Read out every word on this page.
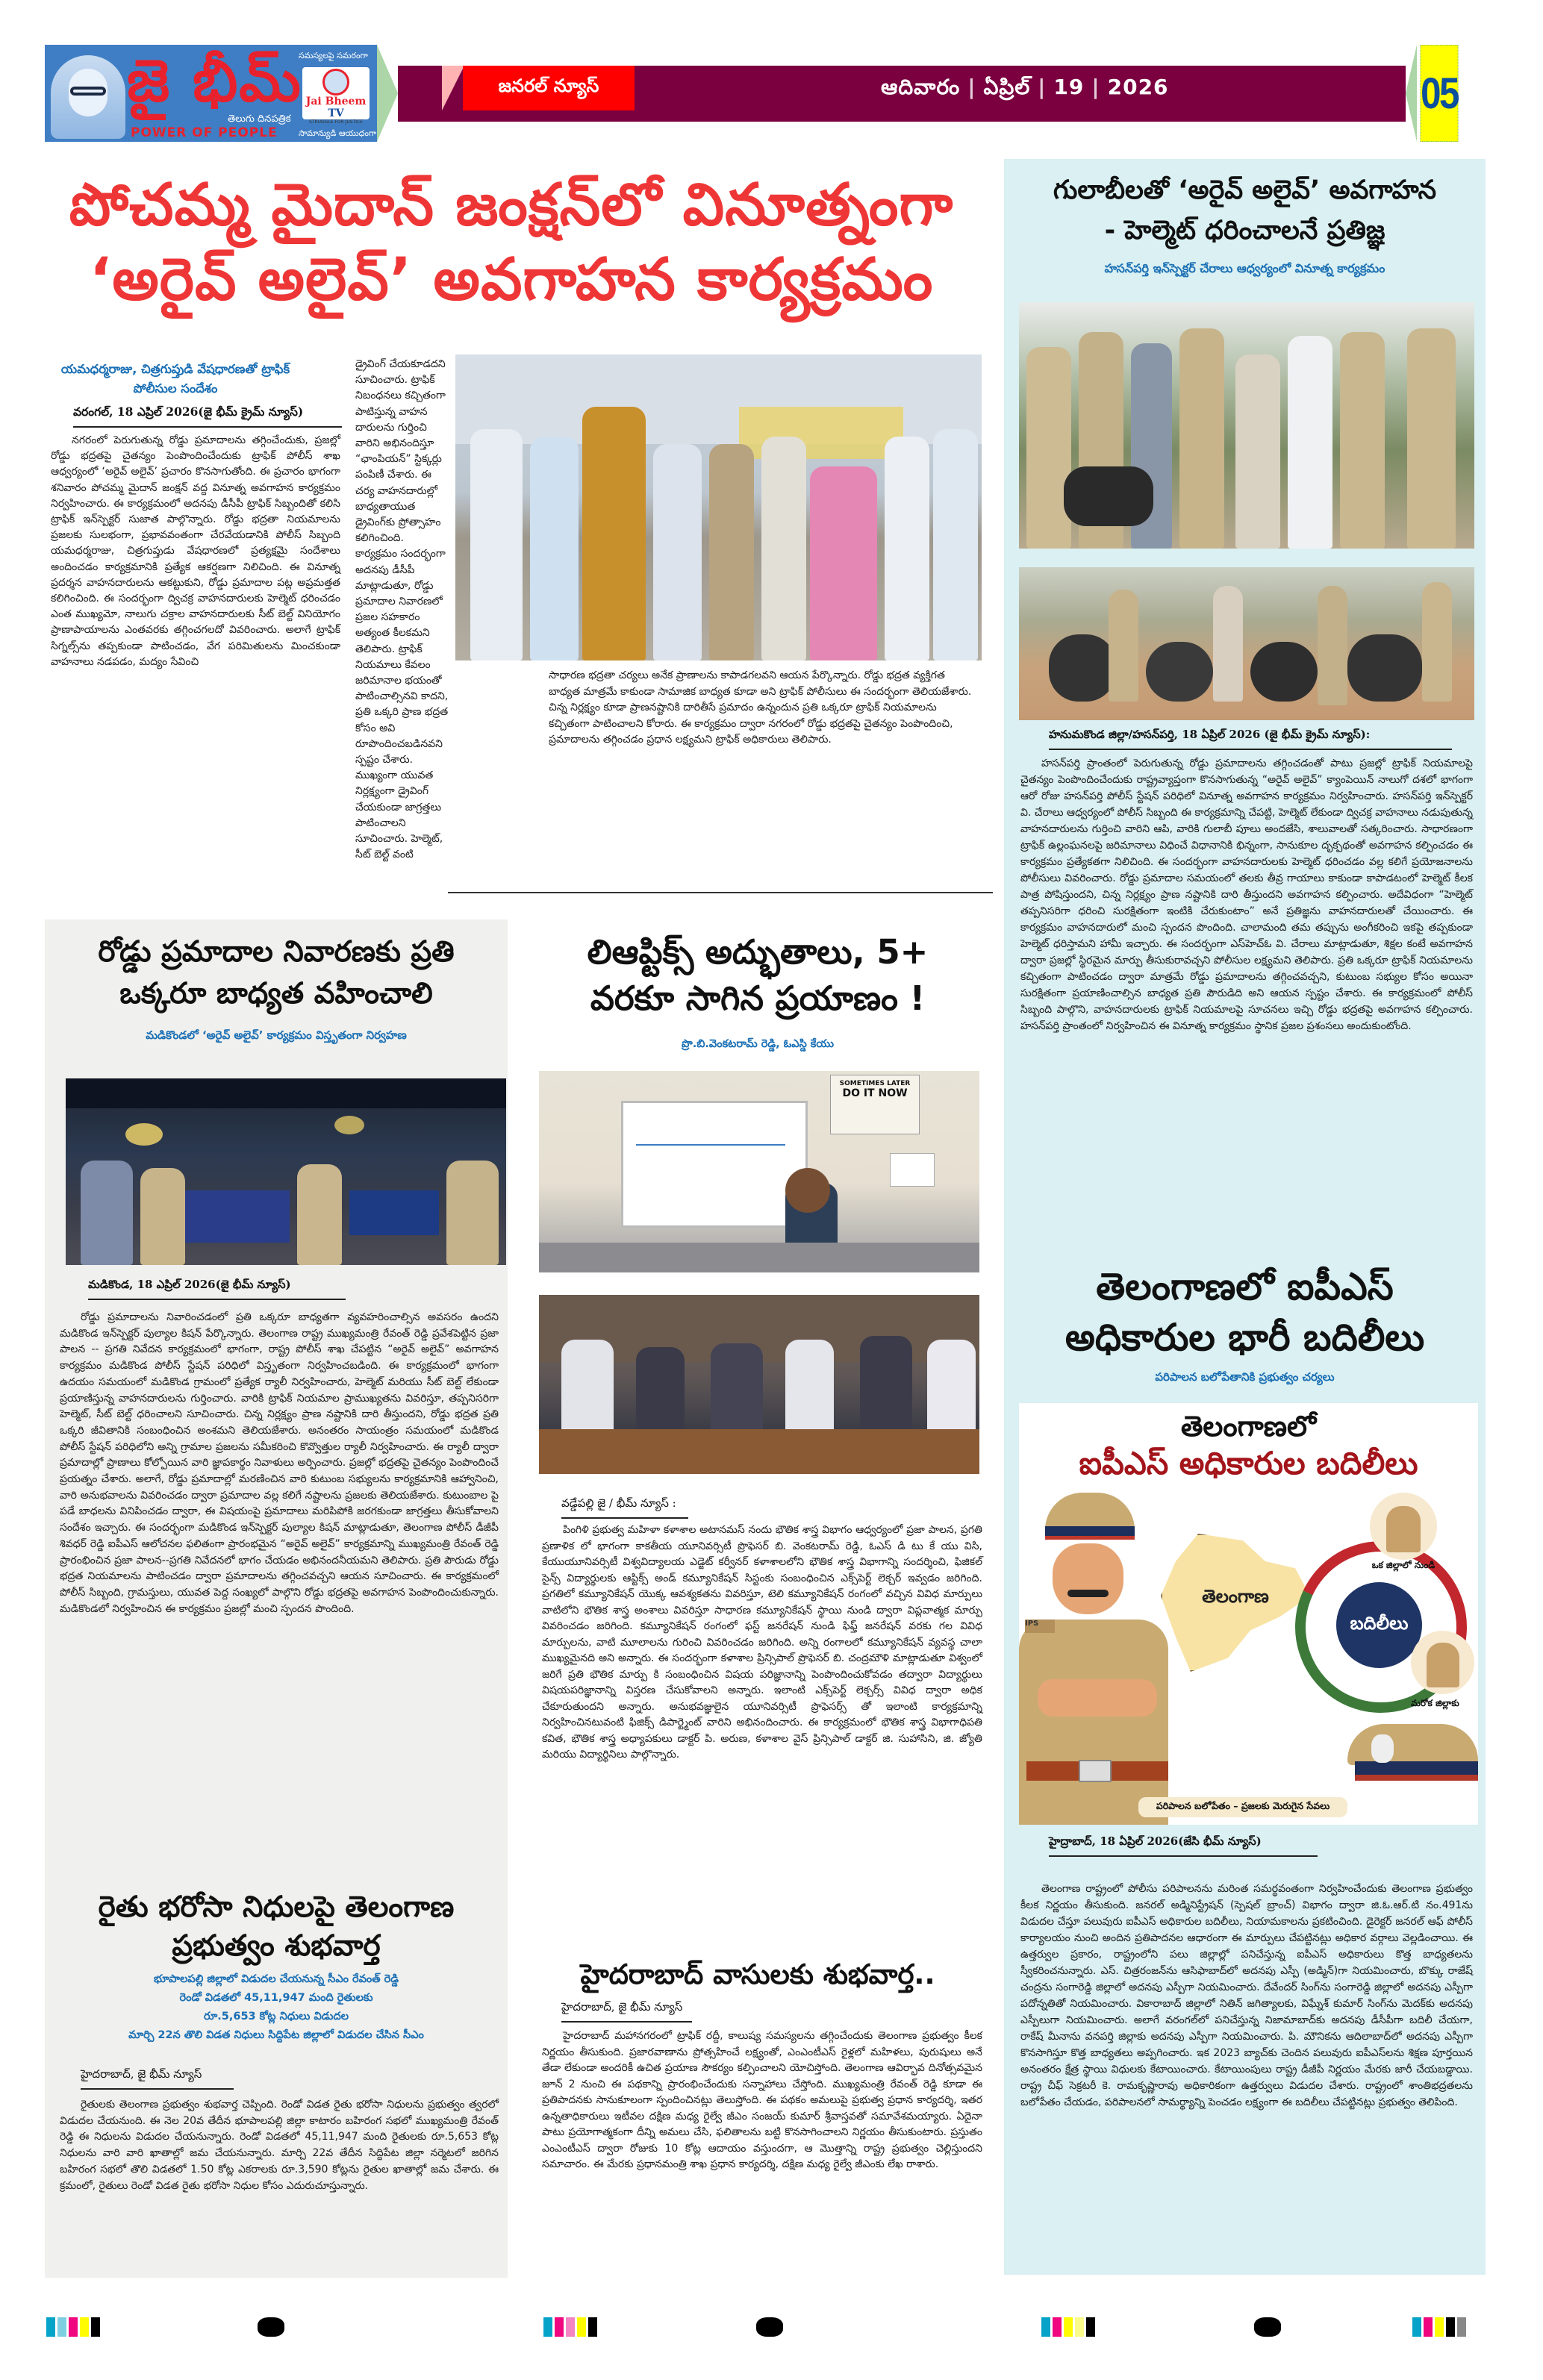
జై భీమ్
తెలుగు దినపత్రిక
POWER OF PEOPLE
సమస్యలపై సమరంగా
Jai Bheem TV
STRUGGLE FOR JUSTICE
సామాన్యుడి ఆయుధంగా
జనరల్ న్యూస్	ఆదివారం | ఏప్రిల్ | 19 | 2026	05
పోచమ్మ మైదాన్ జంక్షన్‌లో వినూత్నంగా
‘అరైవ్ అలైవ్’ అవగాహన కార్యక్రమం
యమధర్మరాజు, చిత్రగుప్తుడి వేషధారణతో ట్రాఫిక్ పోలీసుల సందేశం
వరంగల్, 18 ఎప్రిల్ 2026(జై భీమ్ క్రైమ్ న్యూస్)

నగరంలో పెరుగుతున్న రోడ్డు ప్రమాదాలను తగ్గించేందుకు, ప్రజల్లో రోడ్డు భద్రతపై చైతన్యం పెంపొందించేందుకు ట్రాఫిక్ పోలీస్ శాఖ ఆధ్వర్యంలో ‘అరైవ్ అలైవ్’ ప్రచారం కొనసాగుతోంది. ఈ ప్రచారం భాగంగా శనివారం పోచమ్మ మైదాన్ జంక్షన్ వద్ద వినూత్న అవగాహన కార్యక్రమం నిర్వహించారు. ఈ కార్యక్రమంలో అదనపు డీసీపీ ట్రాఫిక్ సిబ్బందితో కలిసి ట్రాఫిక్ ఇన్‌స్పెక్టర్ సుజాత పాల్గొన్నారు. రోడ్డు భద్రతా నియమాలను ప్రజలకు సులభంగా, ప్రభావవంతంగా చేరవేయడానికి పోలీస్ సిబ్బంది యమధర్మరాజు, చిత్రగుప్తుడు వేషధారణలో ప్రత్యక్షమై సందేశాలు అందించడం కార్యక్రమానికి ప్రత్యేక ఆకర్షణగా నిలిచింది. ఈ వినూత్న ప్రదర్శన వాహనదారులను ఆకట్టుకుని, రోడ్డు ప్రమాదాల పట్ల అప్రమత్తత కలిగించింది. ఈ సందర్భంగా ద్విచక్ర వాహనదారులకు హెల్మెట్ ధరించడం ఎంత ముఖ్యమో, నాలుగు చక్రాల వాహనదారులకు సీట్ బెల్ట్ వినియోగం ప్రాణాపాయాలను ఎంతవరకు తగ్గించగలదో వివరించారు. అలాగే ట్రాఫిక్ సిగ్నల్స్‌ను తప్పకుండా పాటించడం, వేగ పరిమితులను మించకుండా వాహనాలు నడపడం, మద్యం సేవించి

డ్రైవింగ్ చేయకూడదని సూచించారు. ట్రాఫిక్ నిబంధనలు కచ్చితంగా పాటిస్తున్న వాహన దారులను గుర్తించి వారిని అభినందిస్తూ “ఛాంపియన్” స్టిక్కర్లు పంపిణీ చేశారు. ఈ చర్య వాహనదారుల్లో బాధ్యతాయుత డ్రైవింగ్‌కు ప్రోత్సాహం కలిగించింది. కార్యక్రమం సందర్భంగా అదనపు డీసీపీ మాట్లాడుతూ, రోడ్డు ప్రమాదాల నివారణలో ప్రజల సహకారం అత్యంత కీలకమని తెలిపారు. ట్రాఫిక్ నియమాలు కేవలం జరిమానాల భయంతో పాటించాల్సినవి కాదని, ప్రతి ఒక్కరి ప్రాణ భద్రత కోసం అవి రూపొందించబడినవని స్పష్టం చేశారు. ముఖ్యంగా యువత నిర్లక్ష్యంగా డ్రైవింగ్ చేయకుండా జాగ్రత్తలు పాటించాలని సూచించారు. హెల్మెట్, సీట్ బెల్ట్ వంటి
సాధారణ భద్రతా చర్యలు అనేక ప్రాణాలను కాపాడగలవని ఆయన పేర్కొన్నారు. రోడ్డు భద్రత వ్యక్తిగత బాధ్యత మాత్రమే కాకుండా సామాజిక బాధ్యత కూడా అని ట్రాఫిక్ పోలీసులు ఈ సందర్భంగా తెలియజేశారు. చిన్న నిర్లక్ష్యం కూడా ప్రాణనష్టానికి దారితీసే ప్రమాదం ఉన్నందున ప్రతి ఒక్కరూ ట్రాఫిక్ నియమాలను కచ్చితంగా పాటించాలని కోరారు. ఈ కార్యక్రమం ద్వారా నగరంలో రోడ్డు భద్రతపై చైతన్యం పెంపొందించి, ప్రమాదాలను తగ్గించడం ప్రధాన లక్ష్యమని ట్రాఫిక్ అధికారులు తెలిపారు.
గులాబీలతో ‘అరైవ్ అలైవ్’ అవగాహన
- హెల్మెట్ ధరించాలనే ప్రతిజ్ఞ
హసన్‌పర్తి ఇన్‌స్పెక్టర్ చేరాలు ఆధ్వర్యంలో వినూత్న కార్యక్రమం
హనుమకొండ జిల్లా/హసన్‌పర్తి, 18 ఏప్రిల్ 2026 (జై భీమ్ క్రైమ్ న్యూస్):

హసన్‌పర్తి ప్రాంతంలో పెరుగుతున్న రోడ్డు ప్రమాదాలను తగ్గించడంతో పాటు ప్రజల్లో ట్రాఫిక్ నియమాలపై చైతన్యం పెంపొందించేందుకు రాష్ట్రవ్యాప్తంగా కొనసాగుతున్న “అరైవ్ అలైవ్” క్యాంపెయిన్ నాలుగో దశలో భాగంగా ఆరో రోజు హసన్‌పర్తి పోలీస్ స్టేషన్ పరిధిలో వినూత్న అవగాహన కార్యక్రమం నిర్వహించారు. హసన్‌పర్తి ఇన్‌స్పెక్టర్ వి. చేరాలు ఆధ్వర్యంలో పోలీస్ సిబ్బంది ఈ కార్యక్రమాన్ని చేపట్టి, హెల్మెట్ లేకుండా ద్విచక్ర వాహనాలు నడుపుతున్న వాహనదారులను గుర్తించి వారిని ఆపి, వారికి గులాబీ పూలు అందజేసి, శాలువాలతో సత్కరించారు. సాధారణంగా ట్రాఫిక్ ఉల్లంఘనలపై జరిమానాలు విధించే విధానానికి భిన్నంగా, సానుకూల దృక్పథంతో అవగాహన కల్పించడం ఈ కార్యక్రమం ప్రత్యేకతగా నిలిచింది. ఈ సందర్భంగా వాహనదారులకు హెల్మెట్ ధరించడం వల్ల కలిగే ప్రయోజనాలను పోలీసులు వివరించారు. రోడ్డు ప్రమాదాల సమయంలో తలకు తీవ్ర గాయాలు కాకుండా కాపాడటంలో హెల్మెట్ కీలక పాత్ర పోషిస్తుందని, చిన్న నిర్లక్ష్యం ప్రాణ నష్టానికి దారి తీస్తుందని అవగాహన కల్పించారు. అదేవిధంగా “హెల్మెట్ తప్పనిసరిగా ధరించి సురక్షితంగా ఇంటికి చేరుకుంటాం” అనే ప్రతిజ్ఞను వాహనదారులతో చేయించారు. ఈ కార్యక్రమం వాహనదారులో మంచి స్పందన పొందింది. చాలామంది తమ తప్పును అంగీకరించి ఇకపై తప్పకుండా హెల్మెట్ ధరిస్తామని హామీ ఇచ్చారు. ఈ సందర్భంగా ఎస్‌హెచ్‌ఓ వి. చేరాలు మాట్లాడుతూ, శిక్షల కంటే అవగాహన ద్వారా ప్రజల్లో స్థిరమైన మార్పు తీసుకురావచ్చని పోలీసుల లక్ష్యమని తెలిపారు. ప్రతి ఒక్కరూ ట్రాఫిక్ నియమాలను కచ్చితంగా పాటించడం ద్వారా మాత్రమే రోడ్డు ప్రమాదాలను తగ్గించవచ్చని, కుటుంబ సభ్యుల కోసం అయినా సురక్షితంగా ప్రయాణించాల్సిన బాధ్యత ప్రతి పౌరుడిది అని ఆయన స్పష్టం చేశారు. ఈ కార్యక్రమంలో పోలీస్ సిబ్బంది పాల్గొని, వాహనదారులకు ట్రాఫిక్ నియమాలపై సూచనలు ఇచ్చి రోడ్డు భద్రతపై అవగాహన కల్పించారు. హసన్‌పర్తి ప్రాంతంలో నిర్వహించిన ఈ వినూత్న కార్యక్రమం స్థానిక ప్రజల ప్రశంసలు అందుకుంటోంది.

తెలంగాణలో ఐపీఎస్
అధికారుల భారీ బదిలీలు
పరిపాలన బలోపేతానికి ప్రభుత్వం చర్యలు
తెలంగాణలో
ఐపీఎస్ అధికారుల బదిలీలు
IPS
తెలంగాణ
బదిలీలు
ఒక జిల్లాలో నుండి
మరోక జిల్లాకు
పరిపాలన బలోపేతం – ప్రజలకు మెరుగైన సేవలు
హైద్రాబాద్, 18 ఏప్రిల్ 2026(జేసి భీమ్ న్యూస్)

తెలంగాణ రాష్ట్రంలో పోలీసు పరిపాలనను మరింత సమర్థవంతంగా నిర్వహించేందుకు తెలంగాణ ప్రభుత్వం కీలక నిర్ణయం తీసుకుంది. జనరల్ అడ్మినిస్ట్రేషన్ (స్పెషల్ బ్రాంచ్) విభాగం ద్వారా జి.ఓ.ఆర్.టి నం.491ను విడుదల చేస్తూ పలువురు ఐపీఎస్ అధికారుల బదిలీలు, నియామకాలను ప్రకటించింది. డైరెక్టర్ జనరల్ ఆఫ్ పోలీస్ కార్యాలయం నుంచి అందిన ప్రతిపాదనల ఆధారంగా ఈ మార్పులు చేపట్టినట్లు అధికార వర్గాలు వెల్లడించాయి. ఈ ఉత్తర్వుల ప్రకారం, రాష్ట్రంలోని పలు జిల్లాల్లో పనిచేస్తున్న ఐపీఎస్ అధికారులు కొత్త బాధ్యతలను స్వీకరించనున్నారు. ఎస్. చిత్రరంజన్‌ను ఆసిఫాబాద్‌లో అదనపు ఎస్పీ (అడ్మిన్)గా నియమించారు, బొక్కు రాజేష్ చంద్రను సంగారెడ్డి జిల్లాలో అదనపు ఎస్పీగా నియమించారు. దేవేందర్ సింగ్‌ను సంగారెడ్డి జిల్లాలో అదనపు ఎస్పీగా పదోన్నతితో నియమించారు. వికారాబాద్ జిల్లాలో నితిన్ జగిత్యాలకు, విఘ్నేశ్ కుమార్ సింగ్‌ను మెదక్‌కు అదనపు ఎస్పీలుగా నియమించారు. అలాగే వరంగల్‌లో పనిచేస్తున్న నిజామాబాద్‌కు అదనపు డీసీపీగా బదిలీ చేయగా, రాకేష్ మీనాను వనపర్తి జిల్లాకు అదనపు ఎస్పీగా నియమించారు. పి. మౌనికను ఆదిలాబాద్‌లో అదనపు ఎస్పీగా కొనసాగిస్తూ కొత్త బాధ్యతలు అప్పగించారు. ఇక 2023 బ్యాచ్‌కు చెందిన పలువురు ఐపీఎస్‌లను శిక్షణ పూర్తయిన అనంతరం క్షేత్ర స్థాయి విధులకు కేటాయించారు. కేటాయింపులు రాష్ట్ర డీజీపీ నిర్ణయం మేరకు జారీ చేయబడ్డాయి. రాష్ట్ర చీఫ్ సెక్రటరీ కె. రామకృష్ణారావు అధికారికంగా ఉత్తర్వులు విడుదల చేశారు. రాష్ట్రంలో శాంతిభద్రతలను బలోపేతం చేయడం, పరిపాలనలో సామర్థ్యాన్ని పెంచడం లక్ష్యంగా ఈ బదిలీలు చేపట్టినట్లు ప్రభుత్వం తెలిపింది.

రోడ్డు ప్రమాదాల నివారణకు ప్రతి
ఒక్కరూ బాధ్యత వహించాలి
మడికొండలో ‘అరైవ్ అలైవ్’ కార్యక్రమం విస్తృతంగా నిర్వహణ
మడికొండ, 18 ఎప్రిల్ 2026(జై భీమ్ న్యూస్)

రోడ్డు ప్రమాదాలను నివారించడంలో ప్రతి ఒక్కరూ బాధ్యతగా వ్యవహరించాల్సిన అవసరం ఉందని మడికొండ ఇన్‌స్పెక్టర్ పుల్యాల కిషన్ పేర్కొన్నారు. తెలంగాణ రాష్ట్ర ముఖ్యమంత్రి రేవంత్ రెడ్డి ప్రవేశపెట్టిన ప్రజా పాలన -- ప్రగతి నివేదన కార్యక్రమంలో భాగంగా, రాష్ట్ర పోలీస్ శాఖ చేపట్టిన “అరైవ్ అలైవ్” అవగాహన కార్యక్రమం మడికొండ పోలీస్ స్టేషన్ పరిధిలో విస్తృతంగా నిర్వహించబడింది. ఈ కార్యక్రమంలో భాగంగా ఉదయం సమయంలో మడికొండ గ్రామంలో ప్రత్యేక ర్యాలీ నిర్వహించారు, హెల్మెట్ మరియు సీట్ బెల్ట్ లేకుండా ప్రయాణిస్తున్న వాహనదారులను గుర్తించారు. వారికి ట్రాఫిక్ నియమాల ప్రాముఖ్యతను వివరిస్తూ, తప్పనిసరిగా హెల్మెట్, సీట్ బెల్ట్ ధరించాలని సూచించారు. చిన్న నిర్లక్ష్యం ప్రాణ నష్టానికి దారి తీస్తుందని, రోడ్డు భద్రత ప్రతి ఒక్కరి జీవితానికి సంబంధించిన అంశమని తెలియజేశారు. అనంతరం సాయంత్రం సమయంలో మడికొండ పోలీస్ స్టేషన్ పరిధిలోని అన్ని గ్రామాల ప్రజలను సమీకరించి కొవ్వొత్తుల ర్యాలీ నిర్వహించారు. ఈ ర్యాలీ ద్వారా ప్రమాదాల్లో ప్రాణాలు కోల్పోయిన వారి జ్ఞాపకార్థం నివాళులు అర్పించారు. ప్రజల్లో భద్రతపై చైతన్యం పెంపొందించే ప్రయత్నం చేశారు. అలాగే, రోడ్డు ప్రమాదాల్లో మరణించిన వారి కుటుంబ సభ్యులను కార్యక్రమానికి ఆహ్వానించి, వారి అనుభవాలను వివరించడం ద్వారా ప్రమాదాల వల్ల కలిగే నష్టాలను ప్రజలకు తెలియజేశారు. కుటుంబాల పై పడే బాధలను వినిపించడం ద్వారా, ఈ విషయంపై ప్రమాదాలు మరిపిపోకి జరగకుండా జాగ్రత్తలు తీసుకోవాలని సందేశం ఇచ్చారు. ఈ సందర్భంగా మడికొండ ఇన్‌స్పెక్టర్ పుల్యాల కిషన్ మాట్లాడుతూ, తెలంగాణ పోలీస్ డీజీపీ శివధర్ రెడ్డి ఐపీఎస్ ఆలోచనల ఫలితంగా ప్రారంభమైన “అరైవ్ అలైవ్” కార్యక్రమాన్ని ముఖ్యమంత్రి రేవంత్ రెడ్డి ప్రారంభించిన ప్రజా పాలన--ప్రగతి నివేదనలో భాగం చేయడం అభినందనీయమని తెలిపారు. ప్రతి పౌరుడు రోడ్డు భద్రత నియమాలను పాటించడం ద్వారా ప్రమాదాలను తగ్గించవచ్చని ఆయన సూచించారు. ఈ కార్యక్రమంలో పోలీస్ సిబ్బంది, గ్రామస్తులు, యువత పెద్ద సంఖ్యలో పాల్గొని రోడ్డు భద్రతపై అవగాహన పెంపొందించుకున్నారు. మడికొండలో నిర్వహించిన ఈ కార్యక్రమం ప్రజల్లో మంచి స్పందన పొందింది.

రైతు భరోసా నిధులపై తెలంగాణ
ప్రభుత్వం శుభవార్త
భూపాలపల్లి జిల్లాలో విడుదల చేయనున్న సీఎం రేవంత్ రెడ్డి
రెండో విడతలో 45,11,947 మంది రైతులకు
రూ.5,653 కోట్ల నిధులు విడుదల
మార్చి 22న తొలి విడత నిధులు సిద్దిపేట జిల్లాలో విడుదల చేసిన సీఎం
హైదరాబాద్, జై భీమ్ న్యూస్

రైతులకు తెలంగాణ ప్రభుత్వం శుభవార్త చెప్పింది. రెండో విడత రైతు భరోసా నిధులను ప్రభుత్వం త్వరలో విడుదల చేయనుంది. ఈ నెల 20వ తేదీన భూపాలపల్లి జిల్లా కాటారం బహిరంగ సభలో ముఖ్యమంత్రి రేవంత్ రెడ్డి ఈ నిధులను విడుదల చేయనున్నారు. రెండో విడతలో 45,11,947 మంది రైతులకు రూ.5,653 కోట్ల నిధులను వారి వారి ఖాతాల్లో జమ చేయనున్నారు. మార్చి 22వ తేదీన సిద్దిపేట జిల్లా నర్మెటలో జరిగిన బహిరంగ సభలో తొలి విడతలో 1.50 కోట్ల ఎకరాలకు రూ.3,590 కోట్లను రైతుల ఖాతాల్లో జమ చేశారు. ఈ క్రమంలో, రైతులు రెండో విడత రైతు భరోసా నిధుల కోసం ఎదురుచూస్తున్నారు.

లిఆప్టిక్స్ అద్భుతాలు, 5+
వరకూ సాగిన ప్రయాణం !
ప్రొ.బి.వెంకటరామ్ రెడ్డి, ఓఎస్డి కేయు
SOMETIMES LATER
DO IT NOW
వడ్డేపల్లి జై / భీమ్ న్యూస్ :

పింగిళి ప్రభుత్వ మహిళా కళాశాల అటానమస్ నందు భౌతిక శాస్త్ర విభాగం ఆధ్వర్యంలో ప్రజా పాలన, ప్రగతి ప్రణాళిక లో భాగంగా కాకతీయ యూనివర్సిటీ ప్రొఫెసర్ బి. వెంకటరామ్ రెడ్డి, ఓఎస్ డి టు కే యు విసి, కేయుయూనివర్సిటీ విశ్వవిద్యాలయ ఎడ్జెట్ కర్వీనర్ కళాశాలలోని భౌతిక శాస్త్ర విభాగాన్ని సందర్శించి, ఫిజికల్ సైన్స్ విద్యార్థులకు ఆప్టిక్స్ అండ్ కమ్యూనికేషన్ సిస్టంకు సంబంధించిన ఎక్స్‌పెర్ట్ లెక్చర్ ఇవ్వడం జరిగింది. ప్రగతిలో కమ్యూనికేషన్ యొక్క ఆవశ్యకతను వివరిస్తూ, టెలి కమ్యూనికేషన్ రంగంలో వచ్చిన వివిధ మార్పులు వాటిలోని భౌతిక శాస్త్ర అంశాలు వివరిస్తూ సాధారణ కమ్యూనికేషన్ స్థాయి నుండి ద్వారా విప్లవాత్మక మార్పు వివరించడం జరిగింది. కమ్యూనికేషన్ రంగంలో ఫస్ట్ జనరేషన్ నుండి ఫిఫ్త్ జనరేషన్ వరకు గల వివిధ మార్పులను, వాటి మూలాలను గురించి వివరించడం జరిగింది. అన్ని రంగాలలో కమ్యూనికేషన్ వ్యవస్థ చాలా ముఖ్యమైనది అని అన్నారు. ఈ సందర్భంగా కళాశాల ప్రిన్సిపాల్ ప్రొఫెసర్ బి. చంద్రమౌళి మాట్లాడుతూ విశ్వంలో జరిగే ప్రతి భౌతిక మార్పు కి సంబంధించిన విషయ పరిజ్ఞానాన్ని పెంపొందించుకోవడం తద్వారా విద్యార్థులు విషయపరిజ్ఞానాన్ని విస్తరణ చేసుకోవాలని అన్నారు. ఇలాంటి ఎక్స్‌పెర్ట్ లెక్చర్స్ వివిధ ద్వారా అధిక చేకూరుతుందని అన్నారు. అనుభవజ్ఞులైన యూనివర్సిటీ ప్రొఫెసర్స్ తో ఇలాంటి కార్యక్రమాన్ని నిర్వహించినటువంటి ఫిజిక్స్ డిపార్ట్మెంట్ వారిని అభినందించారు. ఈ కార్యక్రమంలో భౌతిక శాస్త్ర విభాగాధిపతి కవిత, భౌతిక శాస్త్ర అధ్యాపకులు డాక్టర్ పి. అరుణ, కళాశాల వైస్ ప్రిన్సిపాల్ డాక్టర్ జి. సుహాసిని, జి. జ్యోతి మరియు విద్యార్థినిలు పాల్గొన్నారు.

హైదరాబాద్ వాసులకు శుభవార్త..
హైదరాబాద్, జై భీమ్ న్యూస్

హైదరాబాద్ మహానగరంలో ట్రాఫిక్ రద్దీ, కాలుష్య సమస్యలను తగ్గించేందుకు తెలంగాణ ప్రభుత్వం కీలక నిర్ణయం తీసుకుంది. ప్రజారవాణాను ప్రోత్సహించే లక్ష్యంతో, ఎంఎంటీఎస్ రైళ్లలో మహిళలు, పురుషులు అనే తేడా లేకుండా అందరికీ ఉచిత ప్రయాణ సౌకర్యం కల్పించాలని యోచిస్తోంది. తెలంగాణ ఆవిర్భావ దినోత్సవమైన జూన్ 2 నుంచి ఈ పథకాన్ని ప్రారంభించేందుకు సన్నాహాలు చేస్తోంది. ముఖ్యమంత్రి రేవంత్ రెడ్డి కూడా ఈ ప్రతిపాదనకు సానుకూలంగా స్పందించినట్లు తెలుస్తోంది. ఈ పథకం అమలుపై ప్రభుత్వ ప్రధాన కార్యదర్శి, ఇతర ఉన్నతాధికారులు ఇటీవల దక్షిణ మధ్య రైల్వే జీఎం సంజయ్ కుమార్ శ్రీవాస్తవతో సమావేశమయ్యారు. ఏదైనా పాటు ప్రయోగాత్మకంగా దీన్ని అమలు చేసి, ఫలితాలను బట్టి కొనసాగించాలని నిర్ణయం తీసుకుంటారు. ప్రస్తుతం ఎంఎంటీఎస్ ద్వారా రోజుకు 10 కోట్ల ఆదాయం వస్తుందగా, ఆ మొత్తాన్ని రాష్ట్ర ప్రభుత్వం చెల్లిస్తుందని సమాచారం. ఈ మేరకు ప్రధానమంత్రి శాఖ ప్రధాన కార్యదర్శి, దక్షిణ మధ్య రైల్వే జీఎంకు లేఖ రాశారు.
